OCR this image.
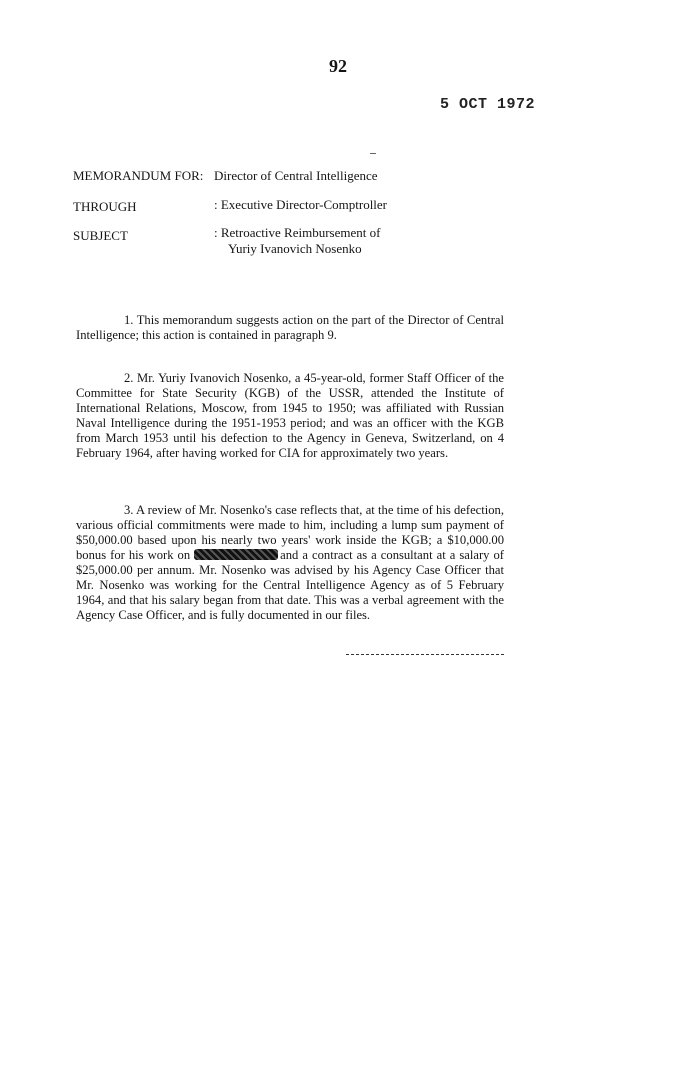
92
5 OCT 1972
MEMORANDUM FOR: Director of Central Intelligence
THROUGH	: Executive Director-Comptroller
SUBJECT	: Retroactive Reimbursement of
Yuriy Ivanovich Nosenko

1. This memorandum suggests action on the part of the Director of Central Intelligence; this action is contained in paragraph 9.

2. Mr. Yuriy Ivanovich Nosenko, a 45-year-old, former Staff Officer of the Committee for State Security (KGB) of the USSR, attended the Institute of International Relations, Moscow, from 1945 to 1950; was affiliated with Russian Naval Intelligence during the 1951-1953 period; and was an officer with the KGB from March 1953 until his defection to the Agency in Geneva, Switzerland, on 4 February 1964, after having worked for CIA for approximately two years.

3. A review of Mr. Nosenko's case reflects that, at the time of his defection, various official commitments were made to him, including a lump sum payment of $50,000.00 based upon his nearly two years' work inside the KGB; a $10,000.00 bonus for his work on	and a contract as a consultant at a salary of $25,000.00 per annum. Mr. Nosenko was advised by his Agency Case Officer that Mr. Nosenko was working for the Central Intelligence Agency as of 5 February 1964, and that his salary began from that date. This was a verbal agreement with the Agency Case Officer, and is fully documented in our files.
